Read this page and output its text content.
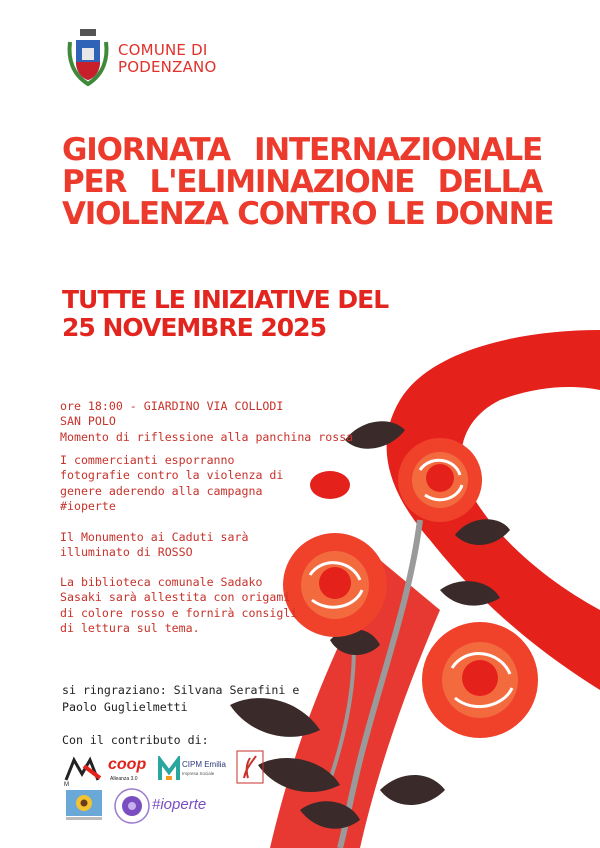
COMUNE DI
PODENZANO
GIORNATA INTERNAZIONALE
PER L'ELIMINAZIONE DELLA
VIOLENZA CONTRO LE DONNE
TUTTE LE INIZIATIVE DEL
25 NOVEMBRE 2025
ore 18:00 - GIARDINO VIA COLLODI
SAN POLO
Momento di riflessione alla panchina rossa
I commercianti esporranno
fotografie contro la violenza di
genere aderendo alla campagna
#ioperte
Il Monumento ai Caduti sarà
illuminato di ROSSO
La biblioteca comunale Sadako
Sasaki sarà allestita con origami
di colore rosso e fornirà consigli
di lettura sul tema.
si ringraziano: Silvana Serafini e
Paolo Guglielmetti
Con il contributo di:
M
coop
Alleanza 3.0
CIPM Emilia
Impresa Sociale
#ioperte
